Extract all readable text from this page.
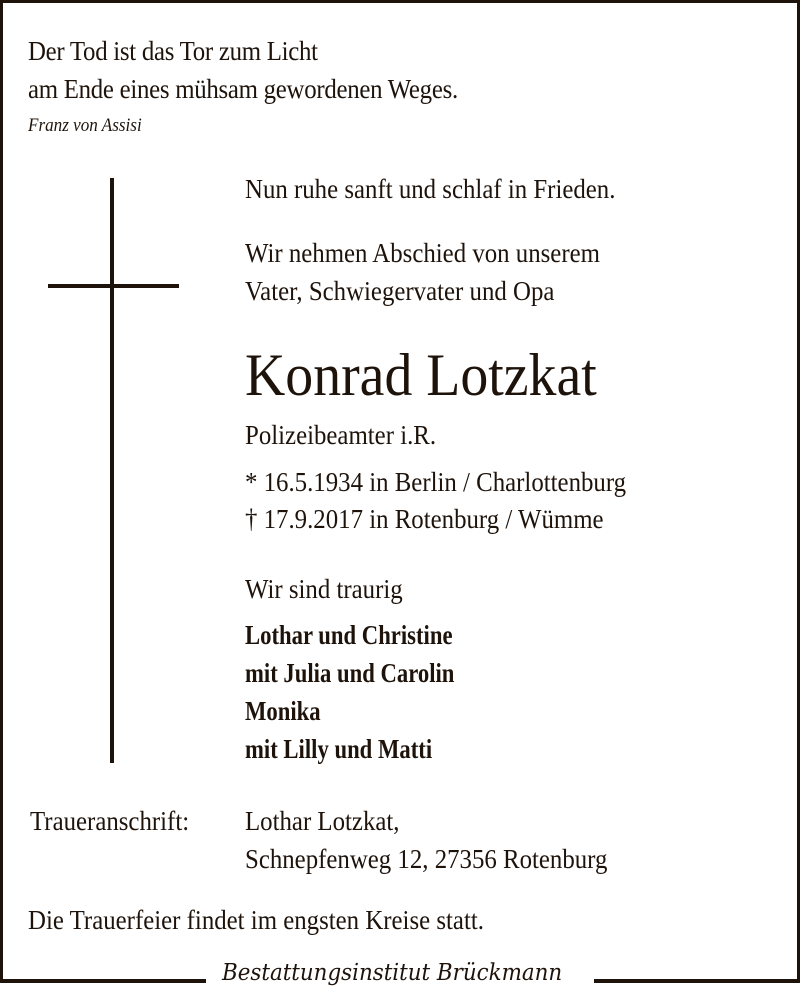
Der Tod ist das Tor zum Licht
am Ende eines mühsam gewordenen Weges.
Franz von Assisi
Nun ruhe sanft und schlaf in Frieden.
Wir nehmen Abschied von unserem
Vater, Schwiegervater und Opa
Konrad Lotzkat
Polizeibeamter i.R.
* 16.5.1934 in Berlin / Charlottenburg
† 17.9.2017 in Rotenburg / Wümme
Wir sind traurig
Lothar und Christine
mit Julia und Carolin
Monika
mit Lilly und Matti
Traueranschrift: Lothar Lotzkat,
Schnepfenweg 12, 27356 Rotenburg
Die Trauerfeier findet im engsten Kreise statt.
Bestattungsinstitut Brückmann
